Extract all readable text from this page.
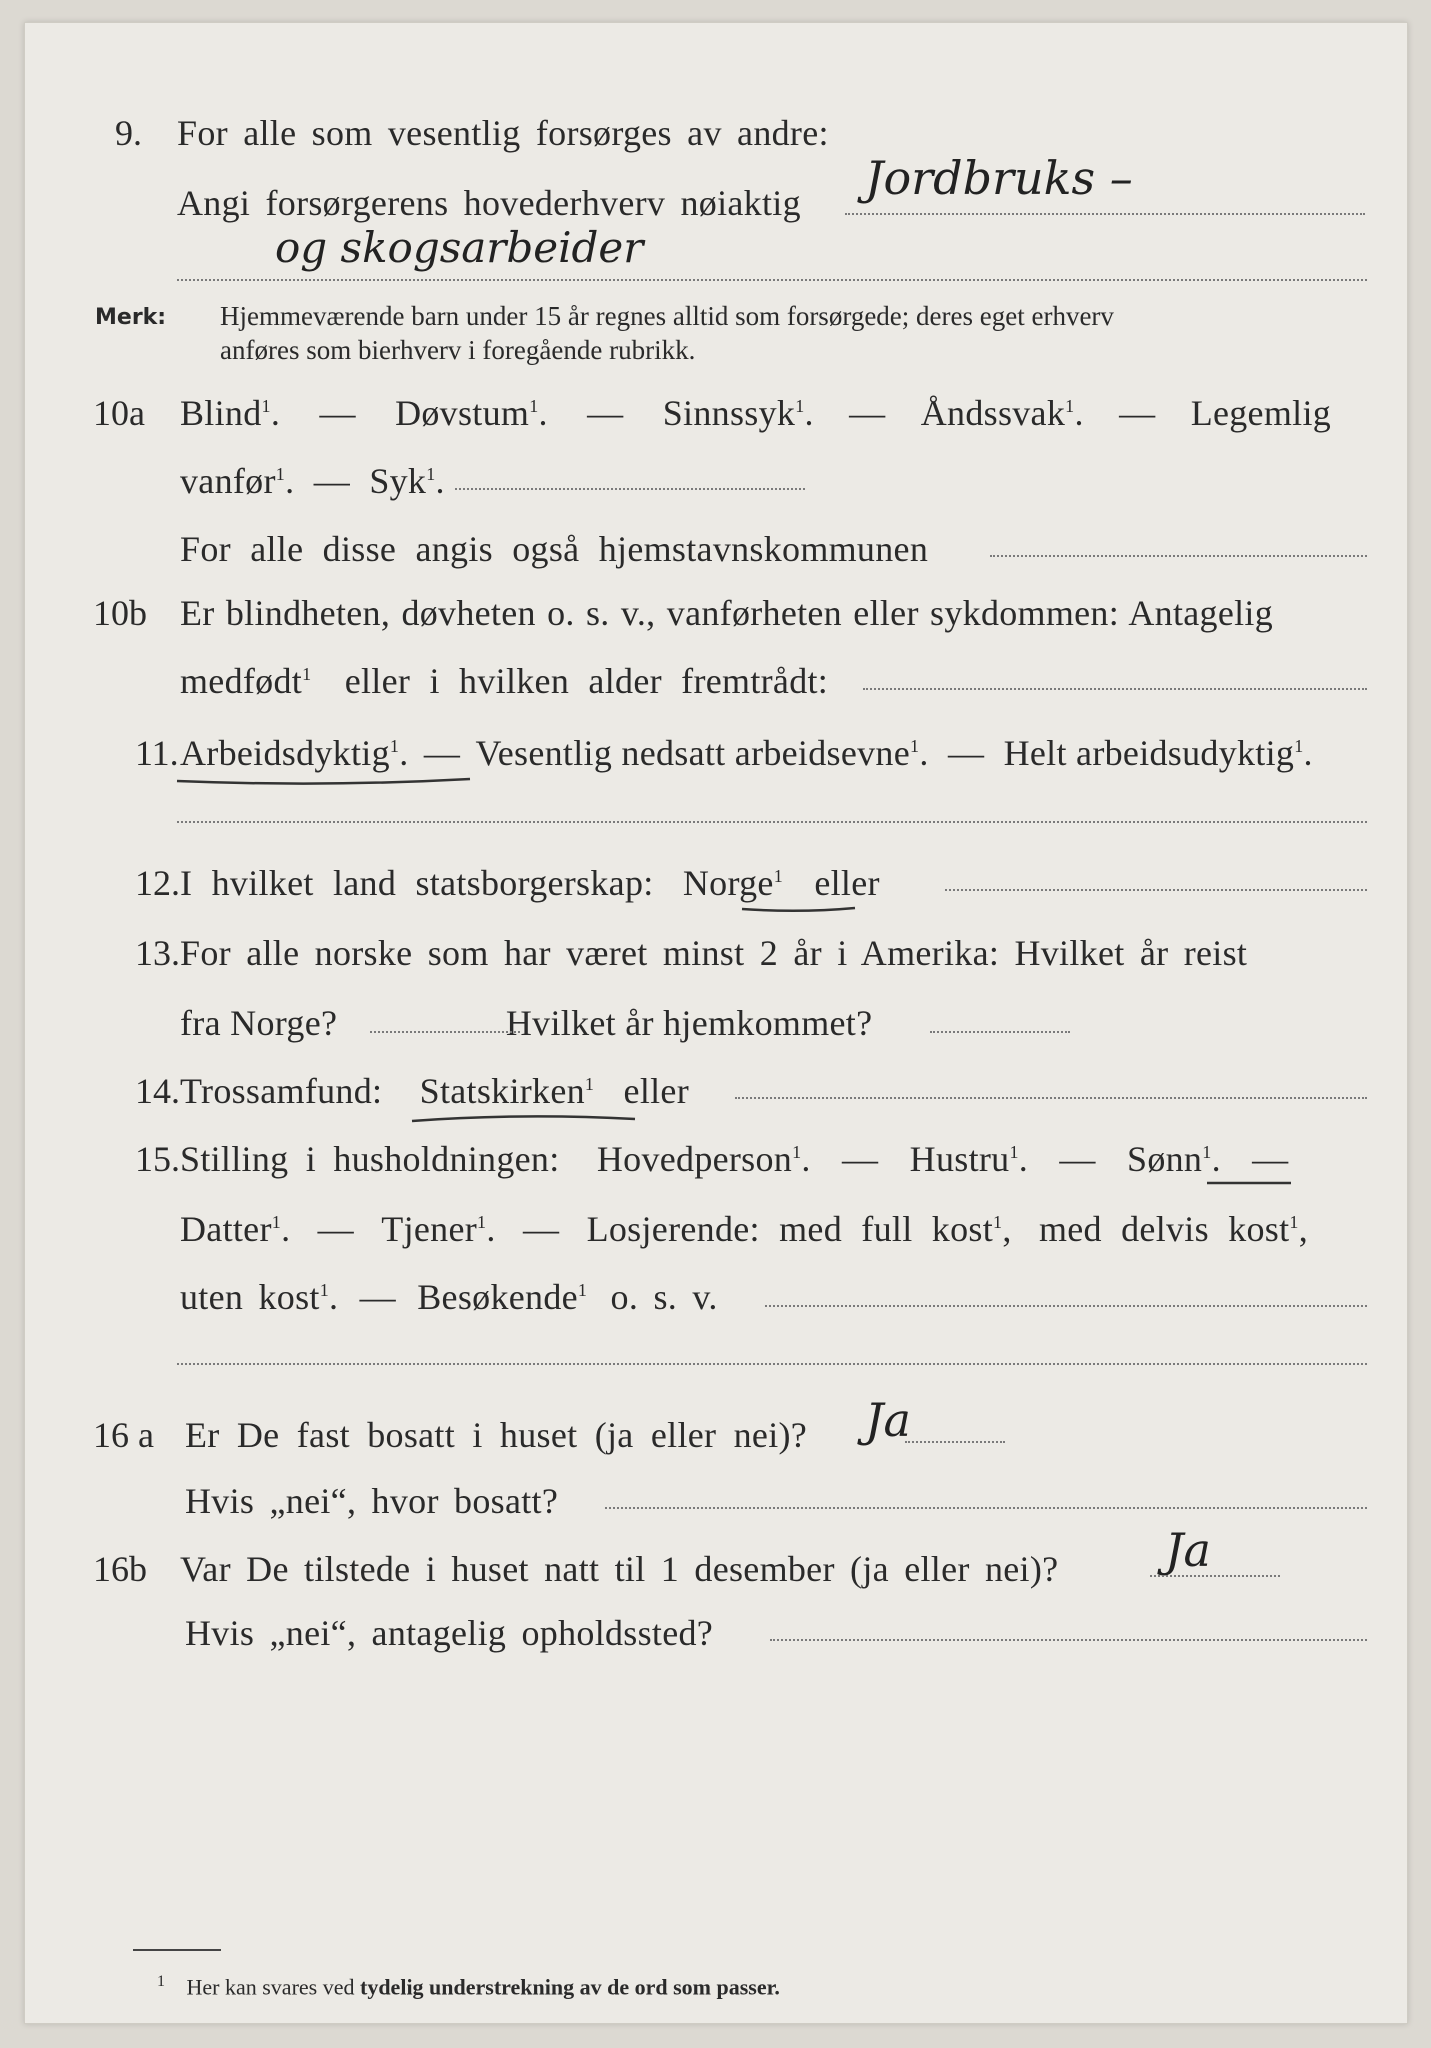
9. For alle som vesentlig forsørges av andre:
Angi forsørgerens hovederhverv nøiaktig Jordbruks –
og skogsarbeider
Merk: Hjemmeværende barn under 15 år regnes alltid som forsørgede; deres eget erhverv
anføres som bierhverv i foregående rubrikk.
10a Blind$^1$. — Døvstum$^1$. — Sinnssyk$^1$. — Åndssvak$^1$. — Legemlig
vanfør$^1$. — Syk$^1$.
For alle disse angis også hjemstavnskommunen
10b Er blindheten, døvheten o. s. v., vanførheten eller sykdommen: Antagelig
medfødt$^1$ eller i hvilken alder fremtrådt:
11. Arbeidsdyktig$^1$. — Vesentlig nedsatt arbeidsevne$^1$. — Helt arbeidsudyktig$^1$.
12. I hvilket land statsborgerskap: Norge$^1$ eller
13. For alle norske som har været minst 2 år i Amerika: Hvilket år reist
fra Norge?	Hvilket år hjemkommet?
14. Trossamfund: Statskirken$^1$ eller
15. Stilling i husholdningen: Hovedperson$^1$. — Hustru$^1$. — Sønn$^1$. —
Datter$^1$. — Tjener$^1$. — Losjerende: med full kost$^1$, med delvis kost$^1$,
uten kost$^1$. — Besøkende$^1$ o. s. v.
16 a Er De fast bosatt i huset (ja eller nei)? Ja
Hvis „nei“, hvor bosatt?
16b Var De tilstede i huset natt til 1 desember (ja eller nei)? Ja
Hvis „nei“, antagelig opholdssted?
$^1$ Her kan svares ved tydelig understrekning av de ord som passer.
